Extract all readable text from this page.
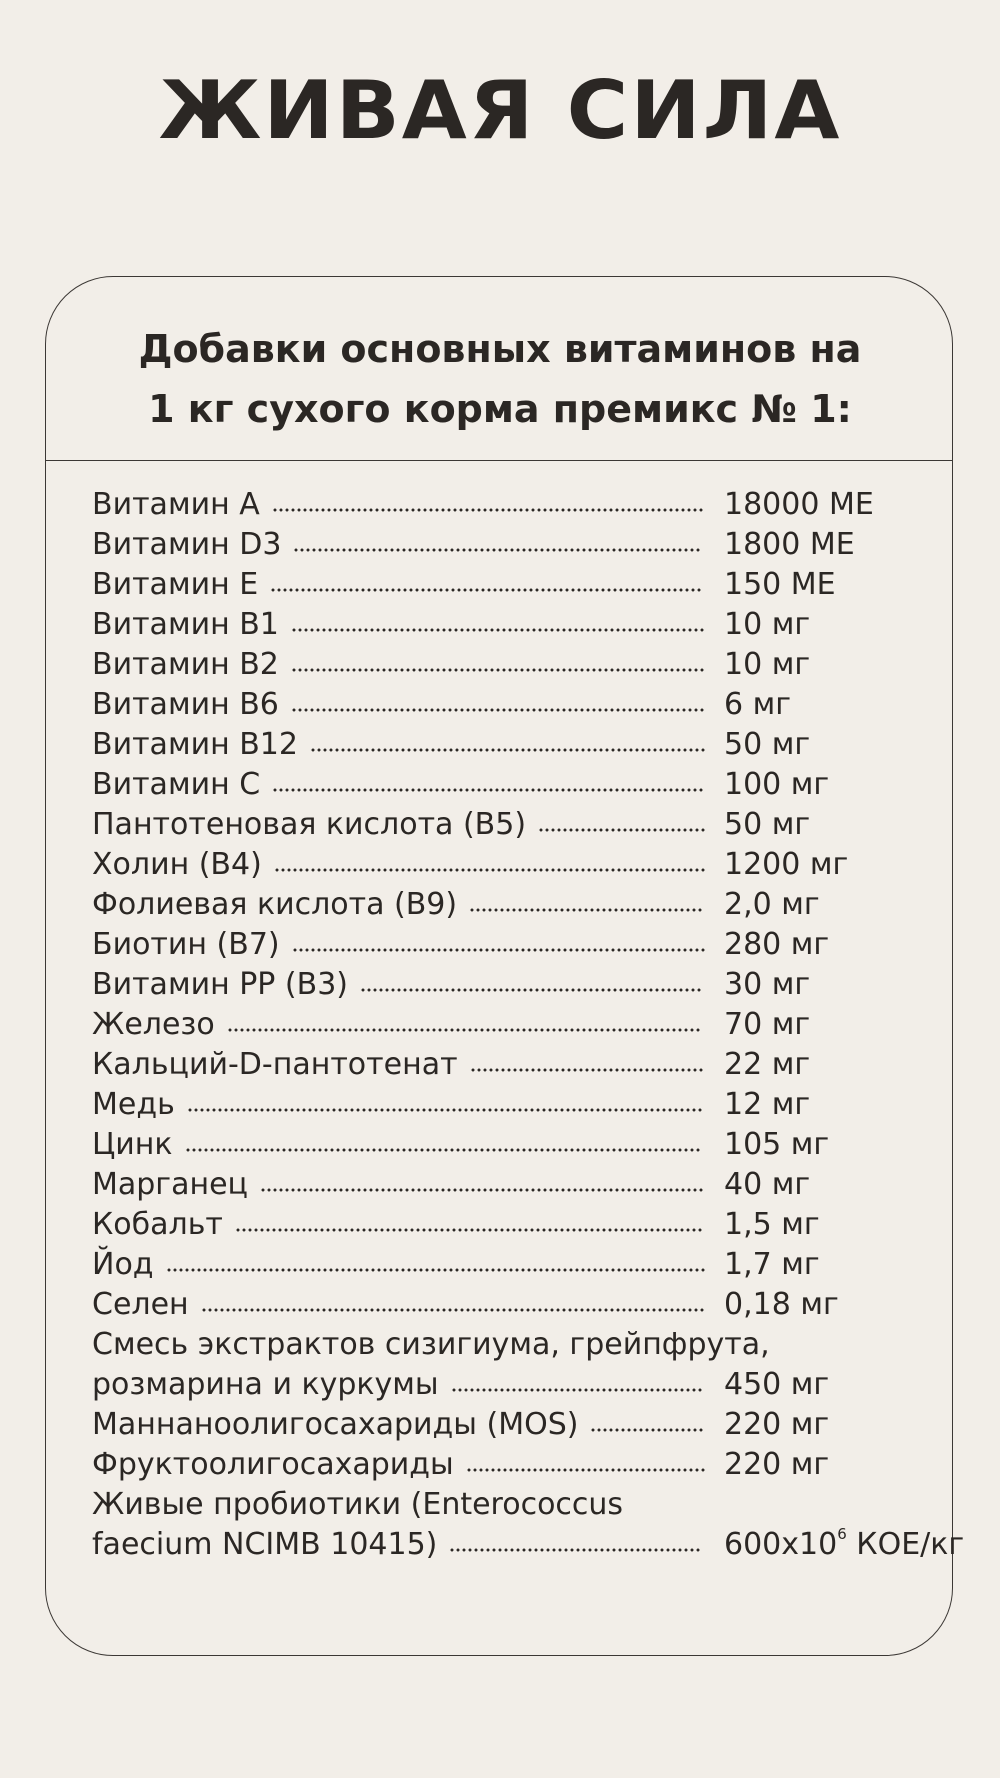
ЖИВАЯ СИЛА
Добавки основных витаминов на
1 кг сухого корма премикс № 1:
Витамин А	18000 МЕ
Витамин D3	1800 МЕ
Витамин Е	150 МЕ
Витамин В1	10 мг
Витамин В2	10 мг
Витамин В6	6 мг
Витамин В12	50 мг
Витамин С	100 мг
Пантотеновая кислота (В5)	50 мг
Холин (В4)	1200 мг
Фолиевая кислота (В9)	2,0 мг
Биотин (В7)	280 мг
Витамин РР (В3)	30 мг
Железо	70 мг
Кальций-D-пантотенат	22 мг
Медь	12 мг
Цинк	105 мг
Марганец	40 мг
Кобальт	1,5 мг
Йод	1,7 мг
Селен	0,18 мг
Смесь экстрактов сизигиума, грейпфрута,
розмарина и куркумы	450 мг
Маннаноолигосахариды (MOS)	220 мг
Фруктоолигосахариды	220 мг
Живые пробиотики (Enterococcus
faecium NCIMB 10415)	$600х10^6$ КОЕ/кг
